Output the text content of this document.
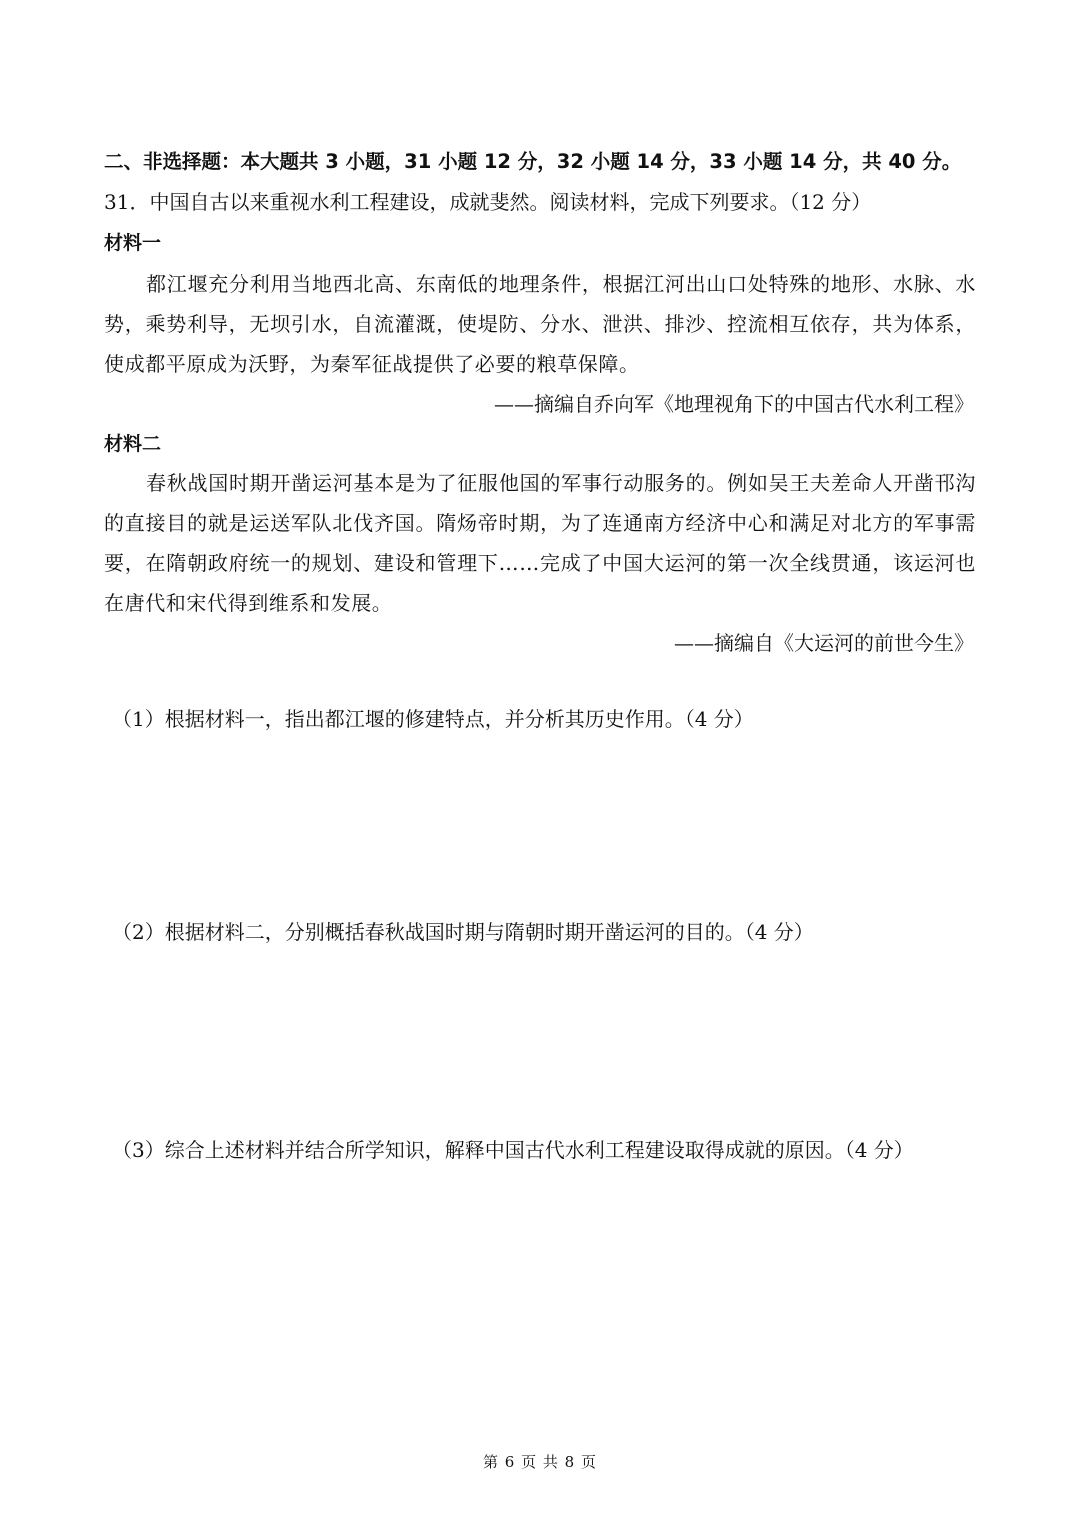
二、非选择题：本大题共 3 小题，31 小题 12 分，32 小题 14 分，33 小题 14 分，共 40 分。
31．中国自古以来重视水利工程建设，成就斐然。阅读材料，完成下列要求。（12 分）
材料一
都江堰充分利用当地西北高、东南低的地理条件，根据江河出山口处特殊的地形、水脉、水势，乘势利导，无坝引水，自流灌溉，使堤防、分水、泄洪、排沙、控流相互依存，共为体系，使成都平原成为沃野，为秦军征战提供了必要的粮草保障。
——摘编自乔向军《地理视角下的中国古代水利工程》
材料二
春秋战国时期开凿运河基本是为了征服他国的军事行动服务的。例如吴王夫差命人开凿邗沟的直接目的就是运送军队北伐齐国。隋炀帝时期，为了连通南方经济中心和满足对北方的军事需要，在隋朝政府统一的规划、建设和管理下……完成了中国大运河的第一次全线贯通，该运河也在唐代和宋代得到维系和发展。
——摘编自《大运河的前世今生》
（1）根据材料一，指出都江堰的修建特点，并分析其历史作用。（4 分）
（2）根据材料二，分别概括春秋战国时期与隋朝时期开凿运河的目的。（4 分）
（3）综合上述材料并结合所学知识，解释中国古代水利工程建设取得成就的原因。（4 分）
第 6 页 共 8 页
